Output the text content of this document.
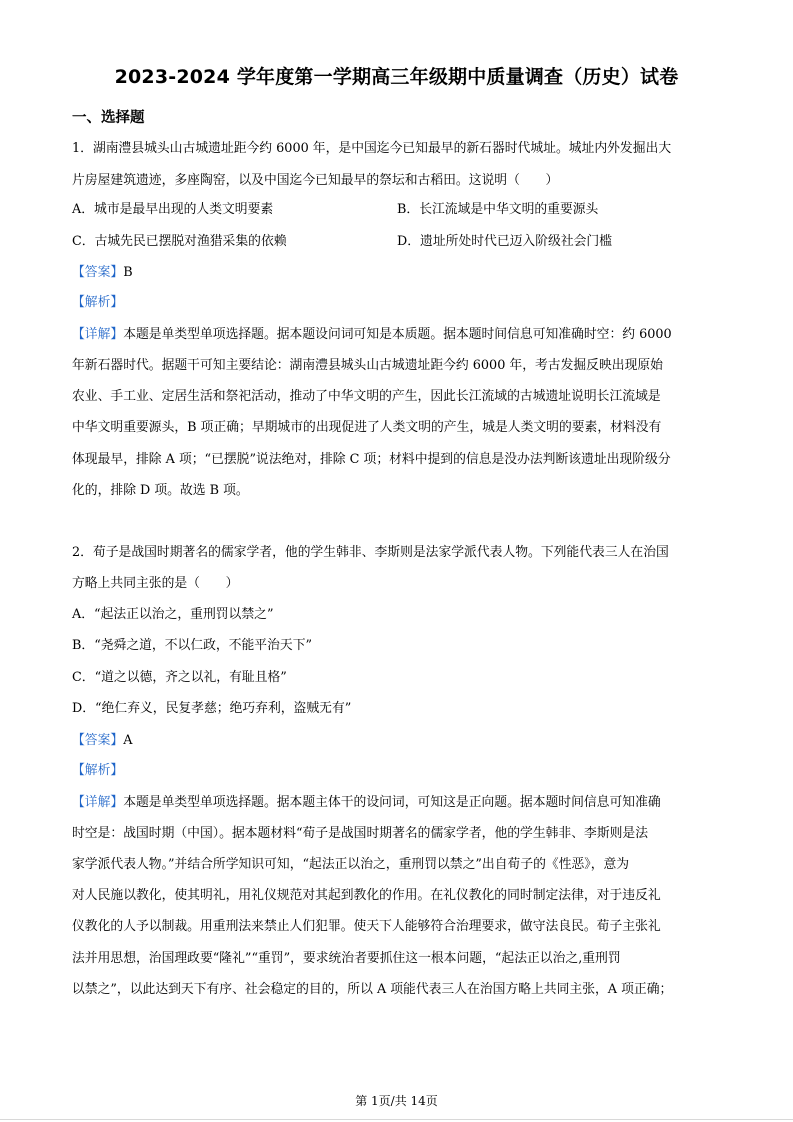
2023-2024 学年度第一学期高三年级期中质量调查（历史）试卷
一、选择题
1．湖南澧县城头山古城遗址距今约 6000 年，是中国迄今已知最早的新石器时代城址。城址内外发掘出大
片房屋建筑遗迹，多座陶窑，以及中国迄今已知最早的祭坛和古稻田。这说明（　　）
A．城市是最早出现的人类文明要素	B．长江流域是中华文明的重要源头
C．古城先民已摆脱对渔猎采集的依赖	D．遗址所处时代已迈入阶级社会门槛
【答案】B
【解析】
【详解】本题是单类型单项选择题。据本题设问词可知是本质题。据本题时间信息可知准确时空：约 6000
年新石器时代。据题干可知主要结论：湖南澧县城头山古城遗址距今约 6000 年，考古发掘反映出现原始
农业、手工业、定居生活和祭祀活动，推动了中华文明的产生，因此长江流域的古城遗址说明长江流域是
中华文明重要源头，B 项正确；早期城市的出现促进了人类文明的产生，城是人类文明的要素，材料没有
体现最早，排除 A 项；“已摆脱”说法绝对，排除 C 项；材料中提到的信息是没办法判断该遗址出现阶级分
化的，排除 D 项。故选 B 项。
2．荀子是战国时期著名的儒家学者，他的学生韩非、李斯则是法家学派代表人物。下列能代表三人在治国
方略上共同主张的是（　　）
A．“起法正以治之，重刑罚以禁之”
B．“尧舜之道，不以仁政，不能平治天下”
C．“道之以德，齐之以礼，有耻且格”
D．“绝仁弃义，民复孝慈；绝巧弃利，盗贼无有”
【答案】A
【解析】
【详解】本题是单类型单项选择题。据本题主体干的设问词，可知这是正向题。据本题时间信息可知准确
时空是：战国时期（中国）。据本题材料“荀子是战国时期著名的儒家学者，他的学生韩非、李斯则是法
家学派代表人物。”并结合所学知识可知，“起法正以治之，重刑罚以禁之”出自荀子的《性恶》，意为
对人民施以教化，使其明礼，用礼仪规范对其起到教化的作用。在礼仪教化的同时制定法律，对于违反礼
仪教化的人予以制裁。用重刑法来禁止人们犯罪。使天下人能够符合治理要求，做守法良民。荀子主张礼
法并用思想，治国理政要“隆礼”“重罚”，要求统治者要抓住这一根本问题，“起法正以治之,重刑罚
以禁之”，以此达到天下有序、社会稳定的目的，所以 A 项能代表三人在治国方略上共同主张，A 项正确；
第 1页/共 14页
